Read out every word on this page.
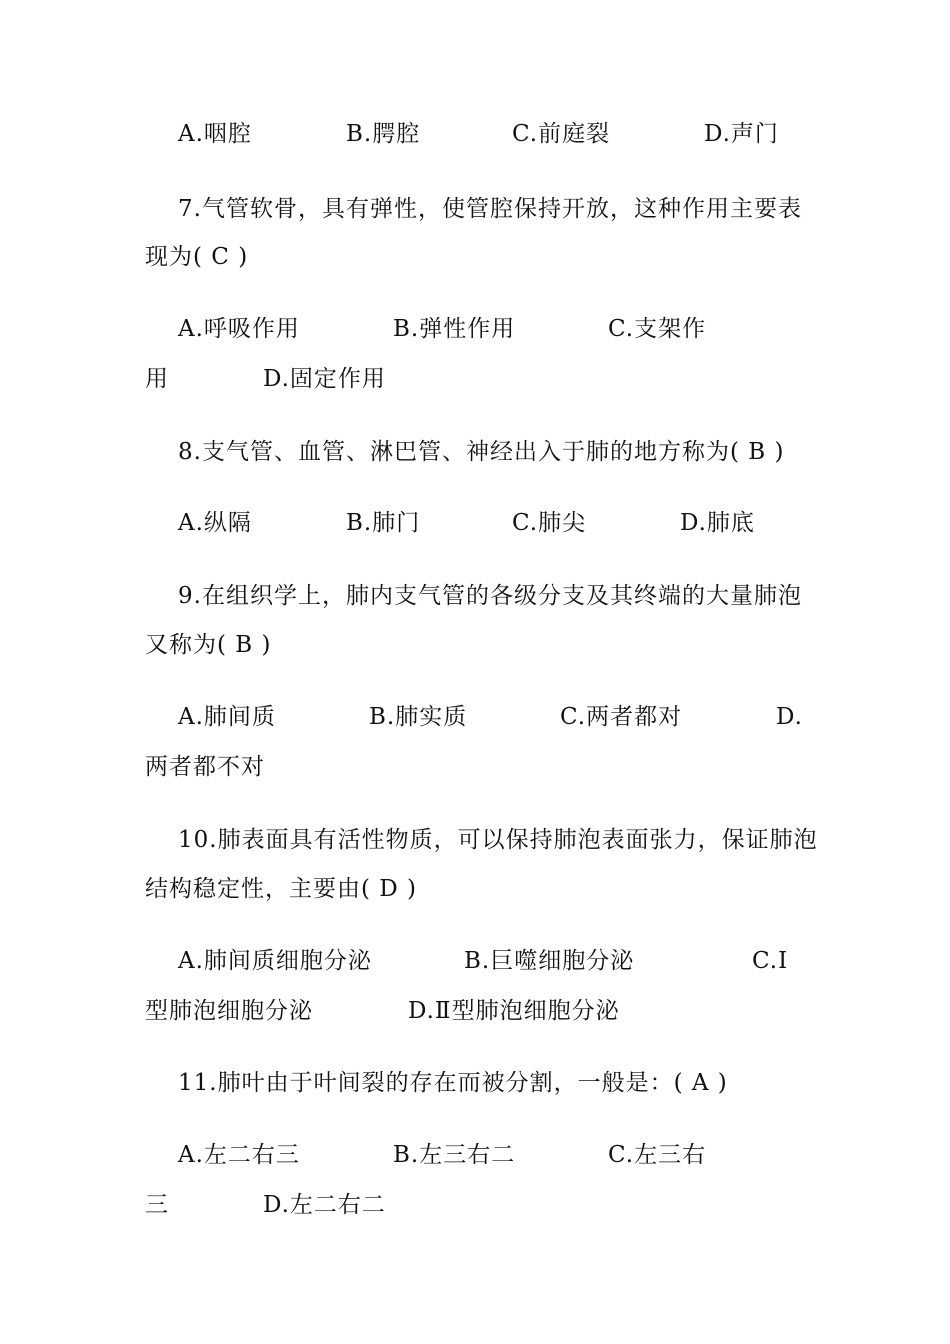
A.咽腔	B.腭腔	C.前庭裂	D.声门
7.气管软骨，具有弹性，使管腔保持开放，这种作用主要表
现为( C )
A.呼吸作用	B.弹性作用	C.支架作
用	D.固定作用
8.支气管、血管、淋巴管、神经出入于肺的地方称为( B )
A.纵隔	B.肺门	C.肺尖	D.肺底
9.在组织学上，肺内支气管的各级分支及其终端的大量肺泡
又称为( B )
A.肺间质	B.肺实质	C.两者都对	D.
两者都不对
10.肺表面具有活性物质，可以保持肺泡表面张力，保证肺泡
结构稳定性，主要由( D )
A.肺间质细胞分泌	B.巨噬细胞分泌	C.Ⅰ
型肺泡细胞分泌	D.Ⅱ型肺泡细胞分泌
11.肺叶由于叶间裂的存在而被分割，一般是：( A )
A.左二右三	B.左三右二	C.左三右
三	D.左二右二
